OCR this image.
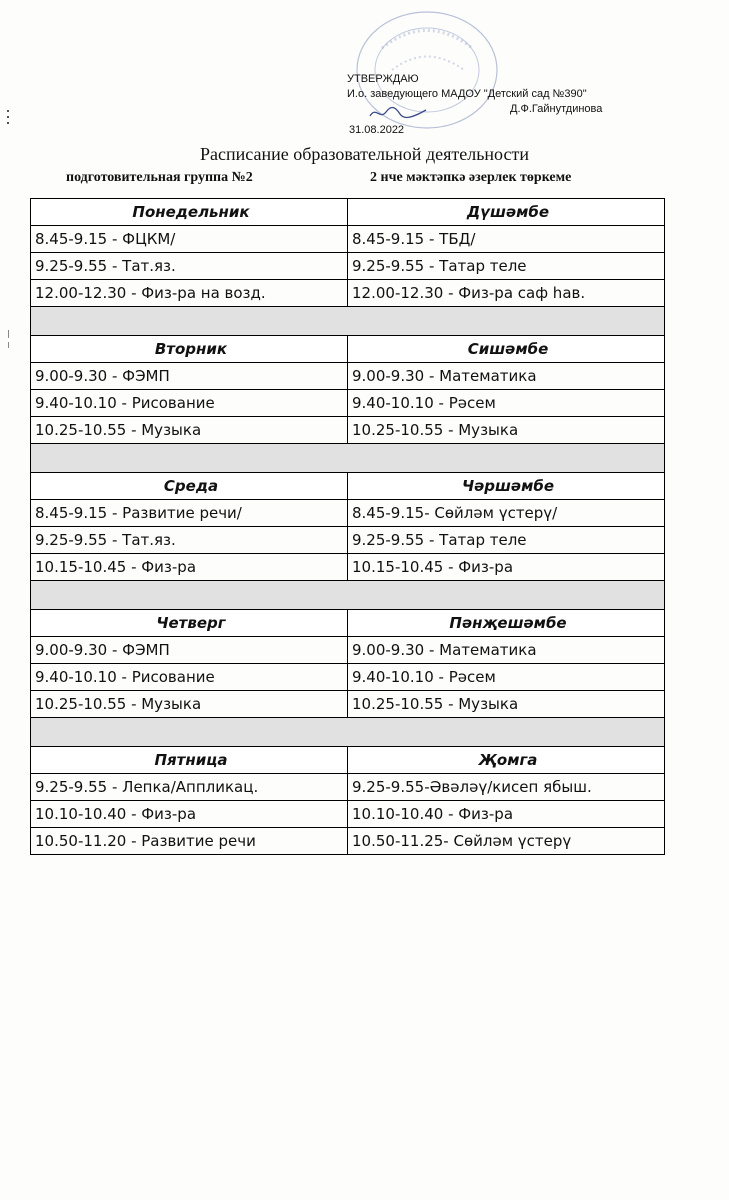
УТВЕРЖДАЮ
И.о. заведующего МАДОУ "Детский сад №390"
Д.Ф.Гайнутдинова
31.08.2022
Расписание образовательной деятельности
подготовительная группа №2	2 нче мәктәпкә әзерлек төркеме
Понедельник	Дүшәмбе
8.45-9.15 - ФЦКМ/	8.45-9.15 - ТБД/
9.25-9.55 - Тат.яз.	9.25-9.55 - Татар теле
12.00-12.30 - Физ-ра на возд.	12.00-12.30 - Физ-ра саф һав.
Вторник	Сишәмбе
9.00-9.30 - ФЭМП	9.00-9.30 - Математика
9.40-10.10 - Рисование	9.40-10.10 - Рәсем
10.25-10.55 - Музыка	10.25-10.55 - Музыка
Среда	Чәршәмбе
8.45-9.15 - Развитие речи/	8.45-9.15- Сөйләм үстерү/
9.25-9.55 - Тат.яз.	9.25-9.55 - Татар теле
10.15-10.45 - Физ-ра	10.15-10.45 - Физ-ра
Четверг	Пәнҗешәмбе
9.00-9.30 - ФЭМП	9.00-9.30 - Математика
9.40-10.10 - Рисование	9.40-10.10 - Рәсем
10.25-10.55 - Музыка	10.25-10.55 - Музыка
Пятница	Җомга
9.25-9.55 - Лепка/Аппликац.	9.25-9.55-Әвәләү/кисеп ябыш.
10.10-10.40 - Физ-ра	10.10-10.40 - Физ-ра
10.50-11.20 - Развитие речи	10.50-11.25- Сөйләм үстерү
